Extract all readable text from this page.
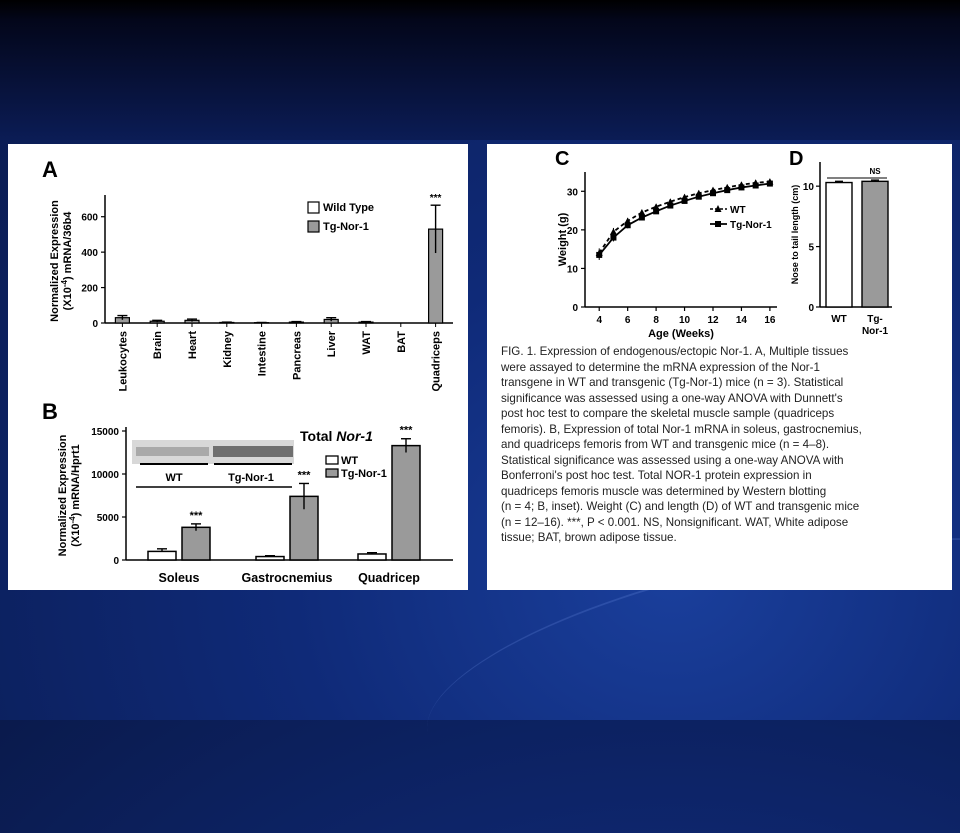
A
0
200
400
600
Leukocytes Brain Heart Kidney Intestine Pancreas Liver WAT BAT Quadriceps
***
Wild Type
Tg-Nor-1
Normalized Expression $(X10^{-4})$ mRNA/36b4
B
0
5000
10000
15000
Soleus
***
Gastrocnemius
***
Quadricep
***
WT	Tg-Nor-1
Total Nor-1
WT
Tg-Nor-1
Normalized Expression $(X10^{-4})$ mRNA/Hprt1
C
0
10
20
30
4 6 8 10 12 14 16
WT
Tg-Nor-1
Age (Weeks)
Weight (g)
D
0
5
10
WT Tg-
Nor-1
NS
Nose to tail length (cm)
FIG. 1. Expression of endogenous/ectopic Nor-1. A, Multiple tissues
were assayed to determine the mRNA expression of the Nor-1
transgene in WT and transgenic (Tg-Nor-1) mice (n = 3). Statistical
significance was assessed using a one-way ANOVA with Dunnett's
post hoc test to compare the skeletal muscle sample (quadriceps
femoris). B, Expression of total Nor-1 mRNA in soleus, gastrocnemius,
and quadriceps femoris from WT and transgenic mice (n = 4–8).
Statistical significance was assessed using a one-way ANOVA with
Bonferroni's post hoc test. Total NOR-1 protein expression in
quadriceps femoris muscle was determined by Western blotting
(n = 4; B, inset). Weight (C) and length (D) of WT and transgenic mice
(n = 12–16). ***, P < 0.001. NS, Nonsignificant. WAT, White adipose
tissue; BAT, brown adipose tissue.
